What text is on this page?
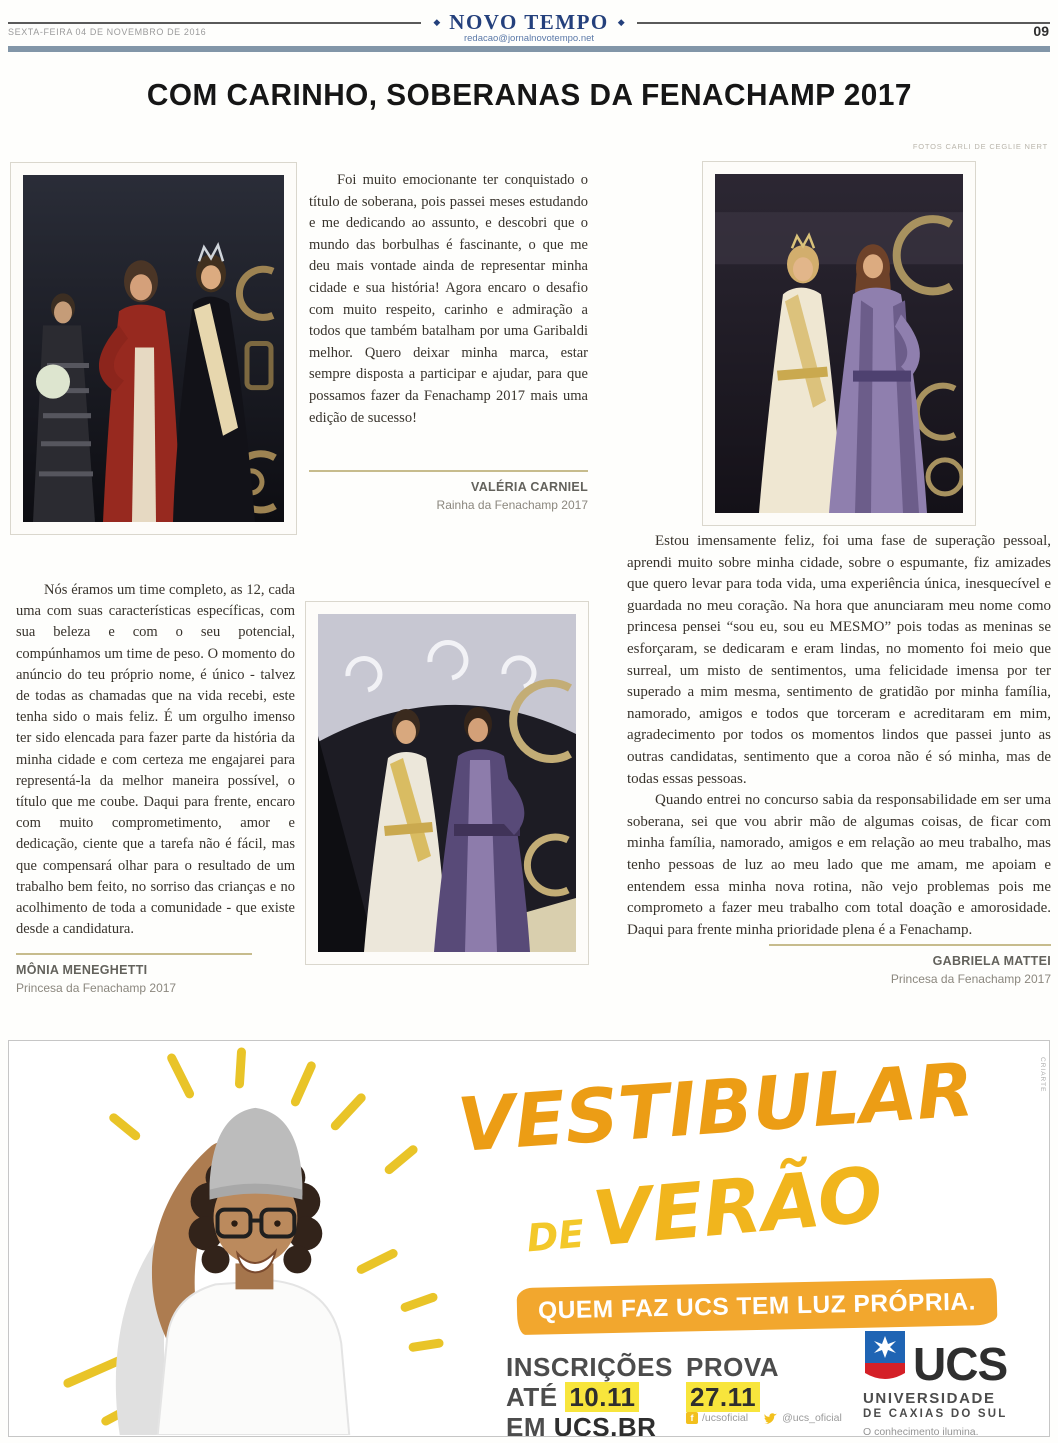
◆ NOVO TEMPO ◆
SEXTA-FEIRA 04 DE NOVEMBRO DE 2016
redacao@jornalnovotempo.net	09
COM CARINHO, SOBERANAS DA FENACHAMP 2017
FOTOS CARLI DE CEGLIE NERT

Foi muito emocionante ter conquistado o título de soberana, pois passei meses estudando e me dedicando ao assunto, e descobri que o mundo das borbulhas é fascinante, o que me deu mais vontade ainda de representar minha cidade e sua história! Agora encaro o desafio com muito respeito, carinho e admiração a todos que também batalham por uma Garibaldi melhor. Quero deixar minha marca, estar sempre disposta a participar e ajudar, para que possamos fazer da Fenachamp 2017 mais uma edição de sucesso!

VALÉRIA CARNIEL
Rainha da Fenachamp 2017

Nós éramos um time completo, as 12, cada uma com suas características específicas, com sua beleza e com o seu potencial, compúnhamos um time de peso. O momento do anúncio do teu próprio nome, é único - talvez de todas as chamadas que na vida recebi, este tenha sido o mais feliz. É um orgulho imenso ter sido elencada para fazer parte da história da minha cidade e com certeza me engajarei para representá-la da melhor maneira possível, o título que me coube. Daqui para frente, encaro com muito comprometimento, amor e dedicação, ciente que a tarefa não é fácil, mas que compensará olhar para o resultado de um trabalho bem feito, no sorriso das crianças e no acolhimento de toda a comunidade - que existe desde a candidatura.

MÔNIA MENEGHETTI
Princesa da Fenachamp 2017

Estou imensamente feliz, foi uma fase de superação pessoal, aprendi muito sobre minha cidade, sobre o espumante, fiz amizades que quero levar para toda vida, uma experiência única, inesquecível e guardada no meu coração. Na hora que anunciaram meu nome como princesa pensei “sou eu, sou eu MESMO” pois todas as meninas se esforçaram, se dedicaram e eram lindas, no momento foi meio que surreal, um misto de sentimentos, uma felicidade imensa por ter superado a mim mesma, sentimento de gratidão por minha família, namorado, amigos e todos que torceram e acreditaram em mim, agradecimento por todos os momentos lindos que passei junto as outras candidatas, sentimento que a coroa não é só minha, mas de todas essas pessoas.

Quando entrei no concurso sabia da responsabilidade em ser uma soberana, sei que vou abrir mão de algumas coisas, de ficar com minha família, namorado, amigos e em relação ao meu trabalho, mas tenho pessoas de luz ao meu lado que me amam, me apoiam e entendem essa minha nova rotina, não vejo problemas pois me comprometo a fazer meu trabalho com total doação e amorosidade. Daqui para frente minha prioridade plena é a Fenachamp.

GABRIELA MATTEI
Princesa da Fenachamp 2017
VESTIBULAR
DEVERÃO
QUEM FAZ UCS TEM LUZ PRÓPRIA.
INSCRIÇÕES
ATÉ 10.11
EM UCS.BR
PROVA
27.11
f /ucsoficial	@ucs_oficial
UCS
UNIVERSIDADE
DE CAXIAS DO SUL
O conhecimento ilumina.
CRIARTE
